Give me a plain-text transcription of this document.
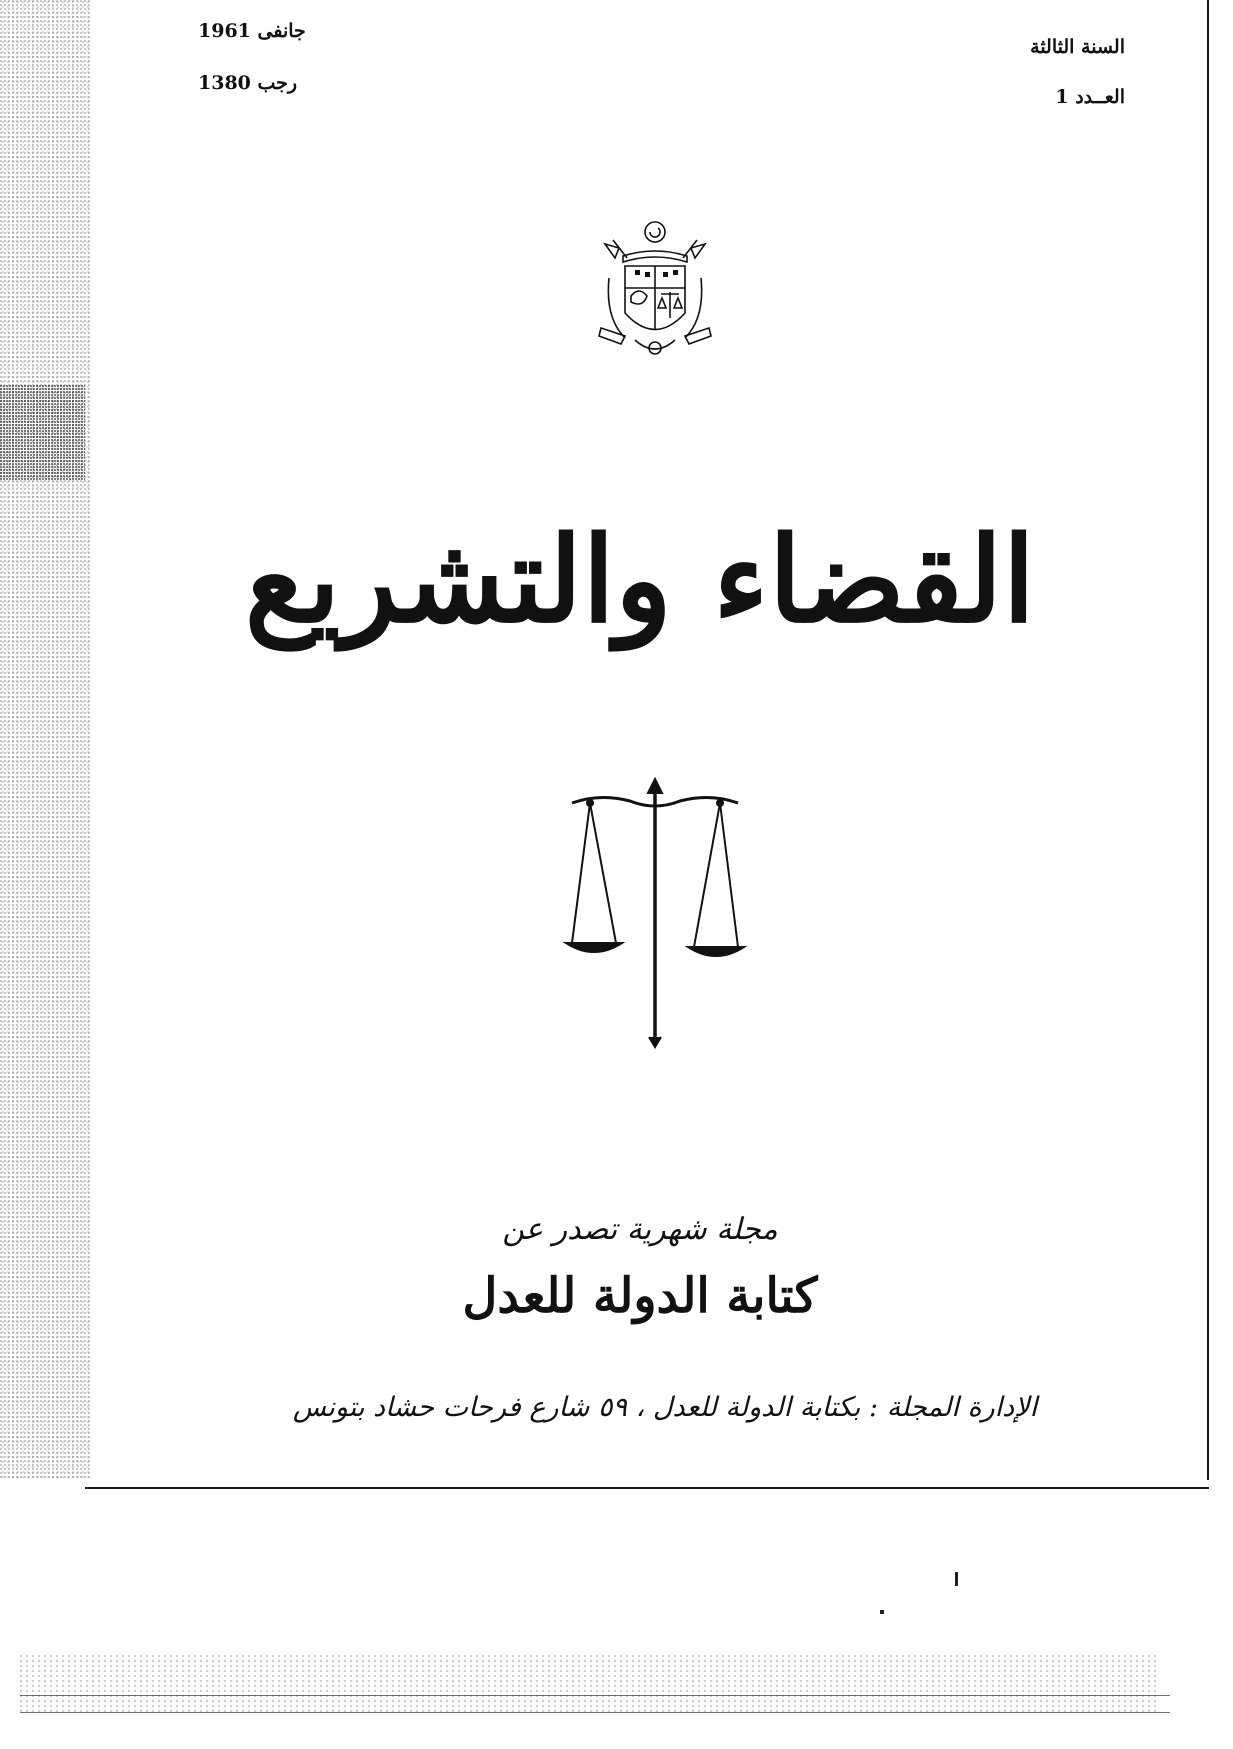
جانفى 1961
رجب 1380
السنة الثالثة
العــدد 1
القضاء والتشريع
مجلة شهرية تصدر عن
كتابة الدولة للعدل
الإدارة المجلة : بكتابة الدولة للعدل ، ٥٩ شارع فرحات حشاد بتونس
